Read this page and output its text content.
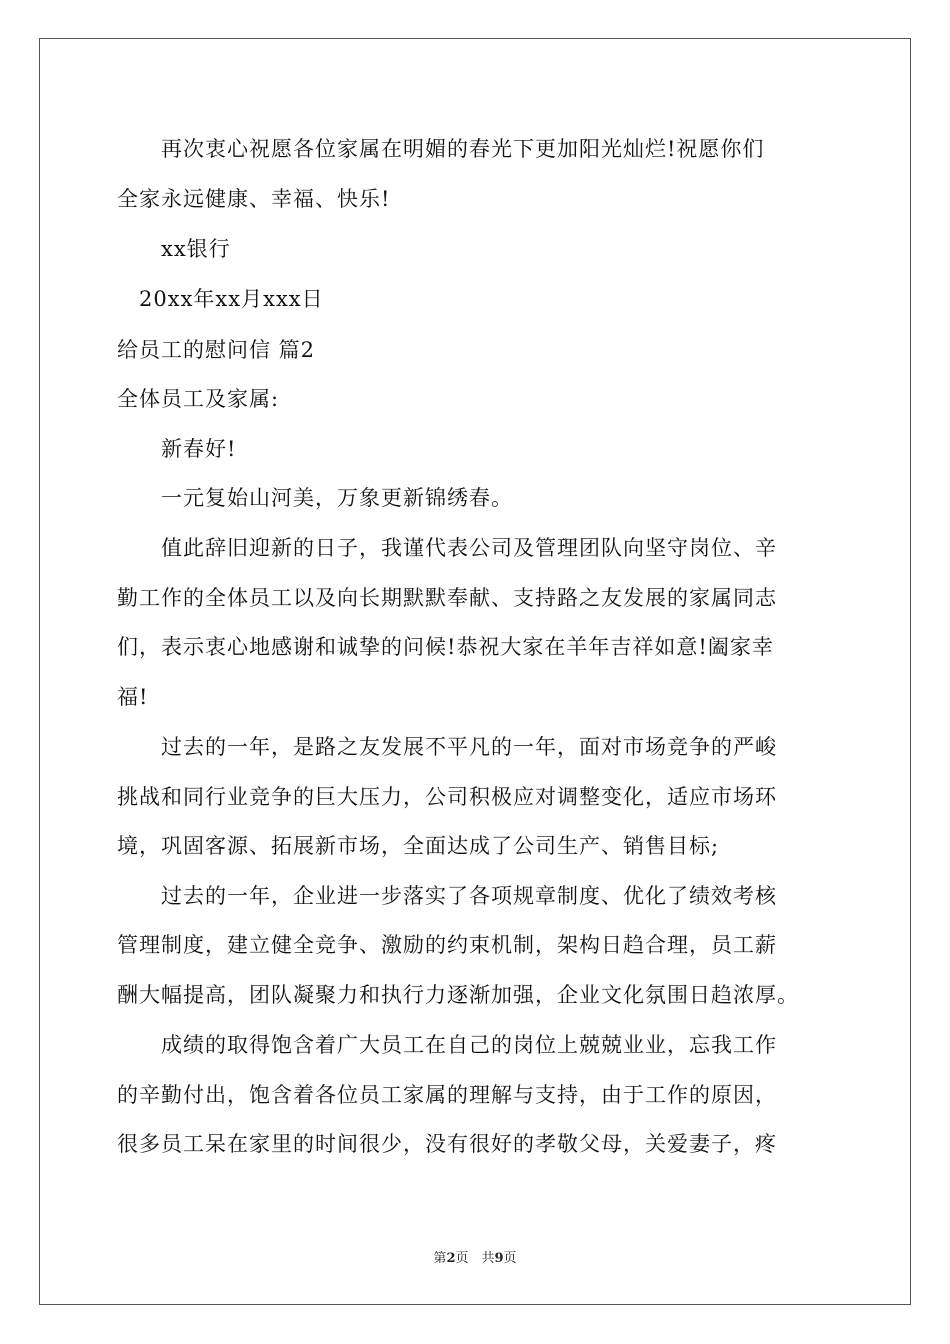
　　再次衷心祝愿各位家属在明媚的春光下更加阳光灿烂!祝愿你们
全家永远健康、幸福、快乐!
　　xx银行
　20xx年xx月xxx日
给员工的慰问信 篇2
全体员工及家属:
　　新春好!
　　一元复始山河美，万象更新锦绣春。
　　值此辞旧迎新的日子，我谨代表公司及管理团队向坚守岗位、辛
勤工作的全体员工以及向长期默默奉献、支持路之友发展的家属同志
们，表示衷心地感谢和诚挚的问候!恭祝大家在羊年吉祥如意!阖家幸
福!
　　过去的一年，是路之友发展不平凡的一年，面对市场竞争的严峻
挑战和同行业竞争的巨大压力，公司积极应对调整变化，适应市场环
境，巩固客源、拓展新市场，全面达成了公司生产、销售目标;
　　过去的一年，企业进一步落实了各项规章制度、优化了绩效考核
管理制度，建立健全竞争、激励的约束机制，架构日趋合理，员工薪
酬大幅提高，团队凝聚力和执行力逐渐加强，企业文化氛围日趋浓厚。
　　成绩的取得饱含着广大员工在自己的岗位上兢兢业业，忘我工作
的辛勤付出，饱含着各位员工家属的理解与支持，由于工作的原因，
很多员工呆在家里的时间很少，没有很好的孝敬父母，关爱妻子，疼
第2页　共9页
